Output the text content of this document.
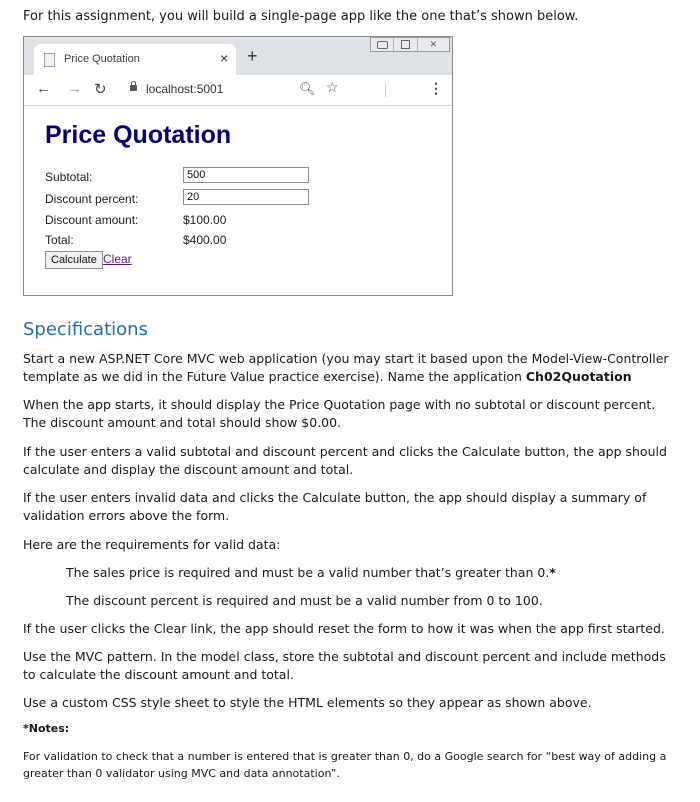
For this assignment, you will build a single-page app like the one that’s shown below.
Price Quotation	× +
✕
← → ↻	localhost:5001	🔍︎ ☆	⋮
Price Quotation
Subtotal:	500
Discount percent:	20
Discount amount:	$100.00
Total:	$400.00
Calculate Clear
Specifications

Start a new ASP.NET Core MVC web application (you may start it based upon the Model-View-Controller template as we did in the Future Value practice exercise). Name the application Ch02Quotation

When the app starts, it should display the Price Quotation page with no subtotal or discount percent. The discount amount and total should show $0.00.

If the user enters a valid subtotal and discount percent and clicks the Calculate button, the app should calculate and display the discount amount and total.

If the user enters invalid data and clicks the Calculate button, the app should display a summary of validation errors above the form.

Here are the requirements for valid data:

The sales price is required and must be a valid number that’s greater than 0.*

The discount percent is required and must be a valid number from 0 to 100.

If the user clicks the Clear link, the app should reset the form to how it was when the app first started.

Use the MVC pattern. In the model class, store the subtotal and discount percent and include methods to calculate the discount amount and total.

Use a custom CSS style sheet to style the HTML elements so they appear as shown above.

*Notes:

For validation to check that a number is entered that is greater than 0, do a Google search for “best way of adding a greater than 0 validator using MVC and data annotation”.
